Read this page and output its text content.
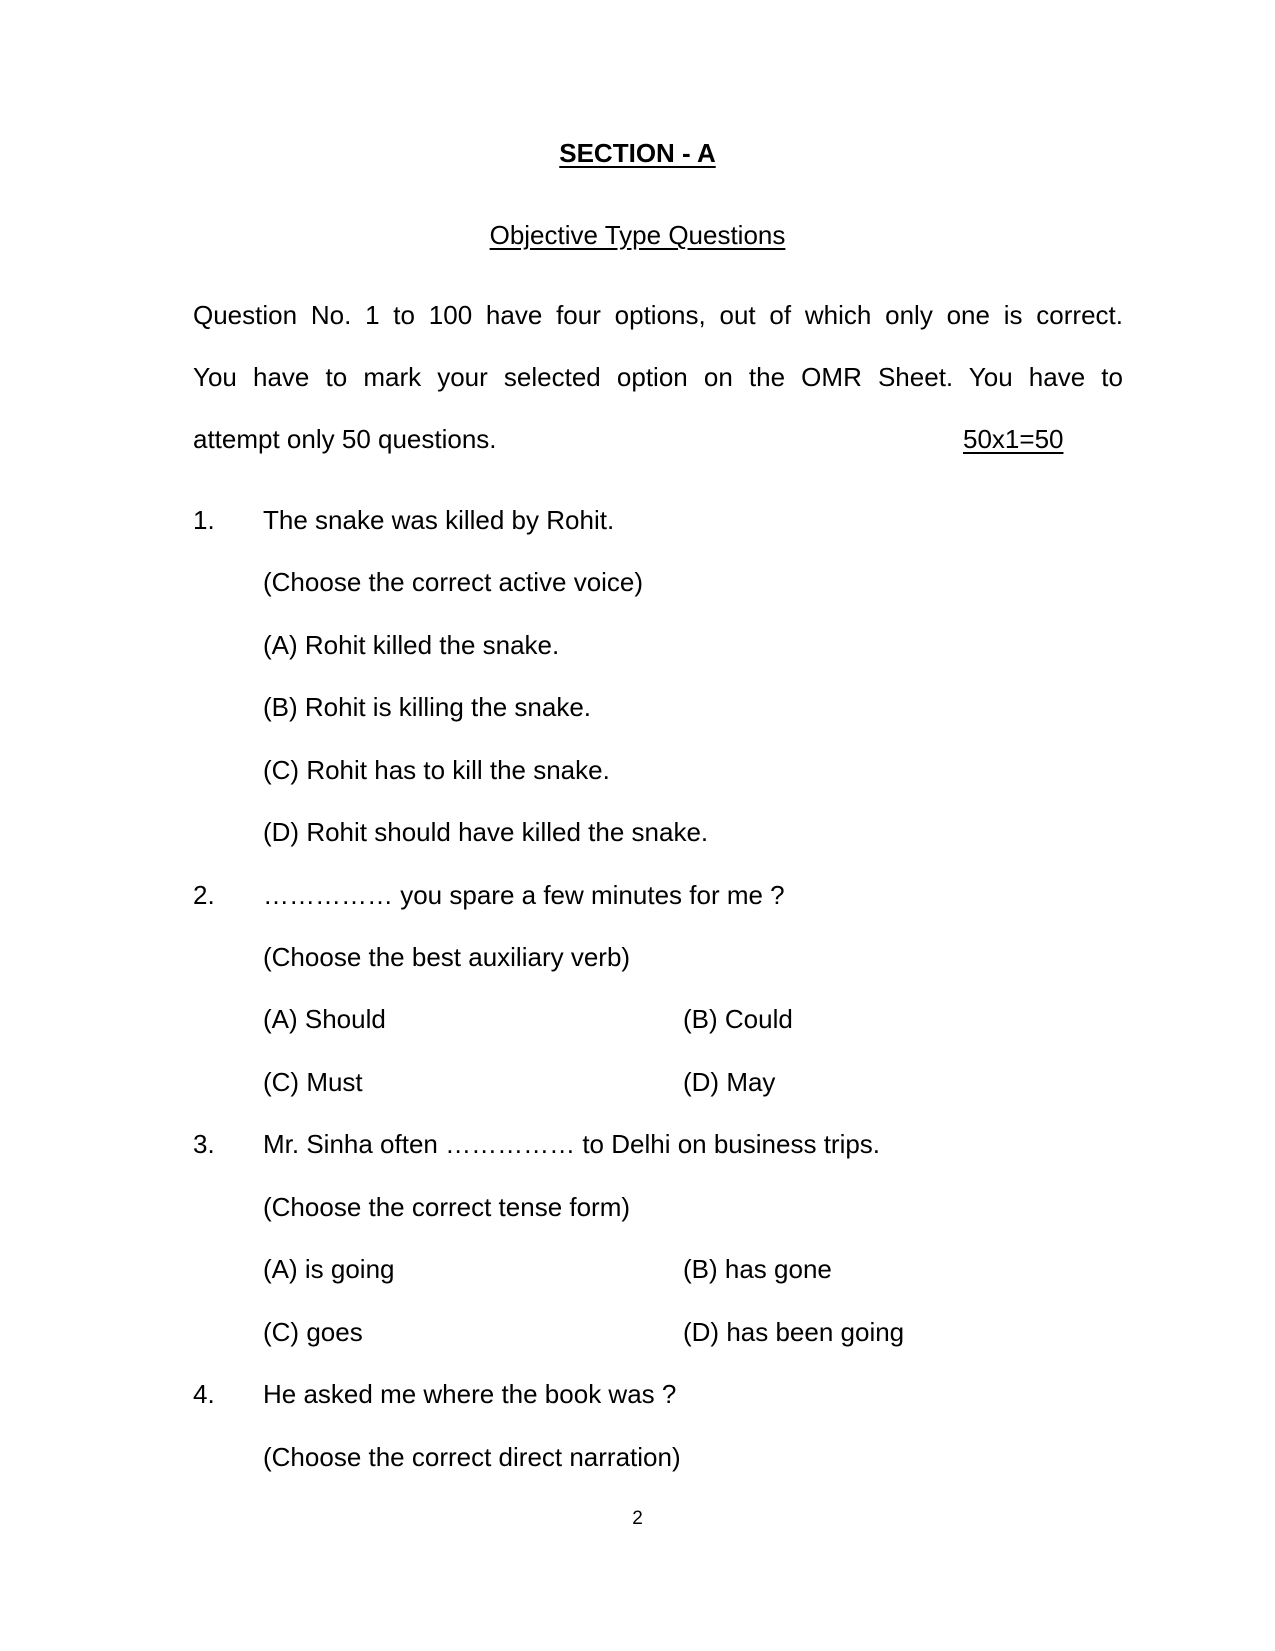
SECTION - A
Objective Type Questions
Question No. 1 to 100 have four options, out of which only one is correct.
You have to mark your selected option on the OMR Sheet. You have to
attempt only 50 questions.	50x1=50
1. The snake was killed by Rohit.
(Choose the correct active voice)
(A) Rohit killed the snake.
(B) Rohit is killing the snake.
(C) Rohit has to kill the snake.
(D) Rohit should have killed the snake.
2. …………… you spare a few minutes for me ?
(Choose the best auxiliary verb)
(A) Should	(B) Could
(C) Must	(D) May
3. Mr. Sinha often …………… to Delhi on business trips.
(Choose the correct tense form)
(A) is going	(B) has gone
(C) goes	(D) has been going
4. He asked me where the book was ?
(Choose the correct direct narration)
2
